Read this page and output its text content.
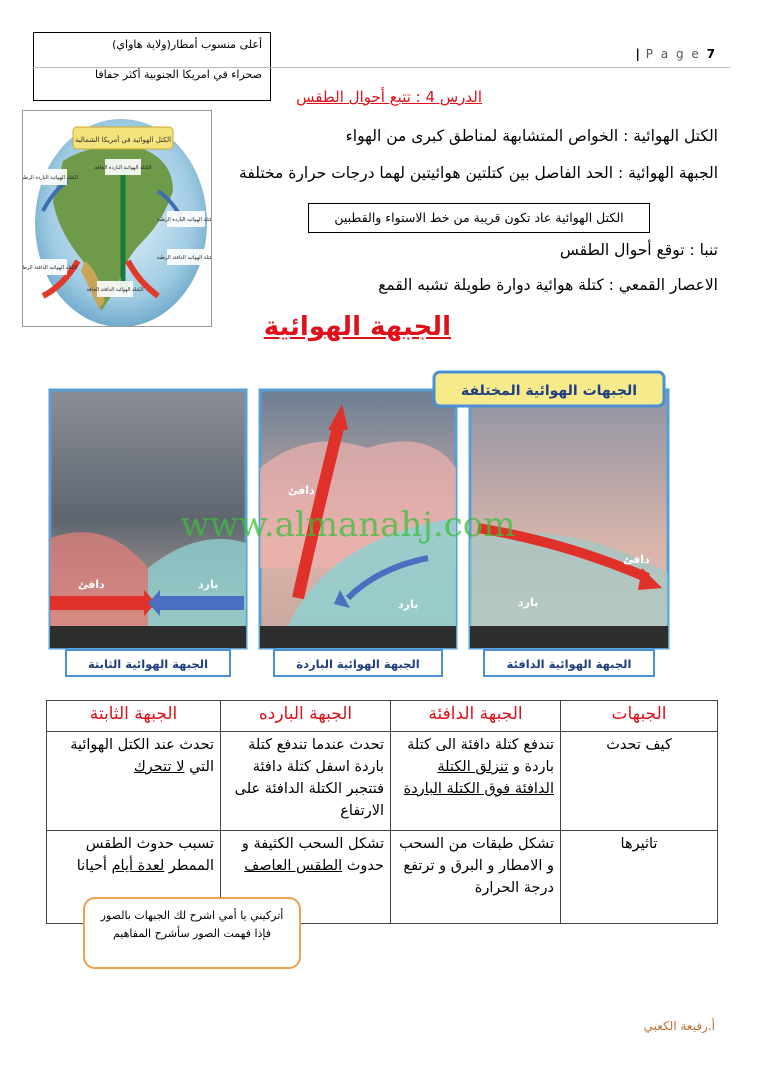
أعلى منسوب أمطار(ولاية هاواي)
صحراء في امريكا الجنوبية أكثر جفافا
| P a g e 7
الدرس 4 : تتبع أحوال الطقس
الكتل الهوائية في أمريكا الشمالية
الكتلة الهوائية الباردة الجافة
الكتلة الهوائية الباردة الرطبة
الكتلة الهوائية الباردة الرطبة
الكتلة الهوائية الدافئة الرطبة
الكتلة الهوائية الدافئة الجافة
الكتلة الهوائية الدافئة الرطبة
الكتل الهوائية : الخواص المتشابهة لمناطق كبرى من الهواء
الجبهة الهوائية : الحد الفاصل بين كتلتين هوائيتين لهما درجات حرارة مختلفة
الكتل الهوائية عاد تكون قريبة من خط الاستواء والقطبين
تنبا : توقع أحوال الطقس
الاعصار القمعي : كتلة هوائية دوارة طويلة تشبه القمع
الجبهة الهوائية
دافئ	بارد
دافئ
بارد
دافئ
بارد
الجبهات الهوائية المختلفة
الجبهة الهوائية الثابتة	الجبهة الهوائية الباردة	الجبهة الهوائية الدافئة
www.almanahj.com
الجبهات	الجبهة الدافئة	الجبهة البارده	الجبهة الثابتة
كيف تحدث	تندفع كتلة دافئة الى كتلة باردة و تنزلق الكتلة الدافئة فوق الكتلة الباردة	تحدث عندما تندفع كتلة باردة اسفل كتلة دافئة فتتجبر الكتلة الدافئة على الارتفاع	تحدث عند الكتل الهوائية التي لا تتحرك
تاثيرها	تشكل طبقات من السحب و الامطار و البرق و ترتفع درجة الحرارة	تشكل السحب الكثيفة و حدوث الطقس العاصف	تسبب حدوث الطقس الممطر لعدة أيام أحيانا
أتركيني يا أمي اشرح لك الجبهات بالصور
فإذا فهمت الصور سأشرح المفاهيم
أ.رفيعة الكعبي
